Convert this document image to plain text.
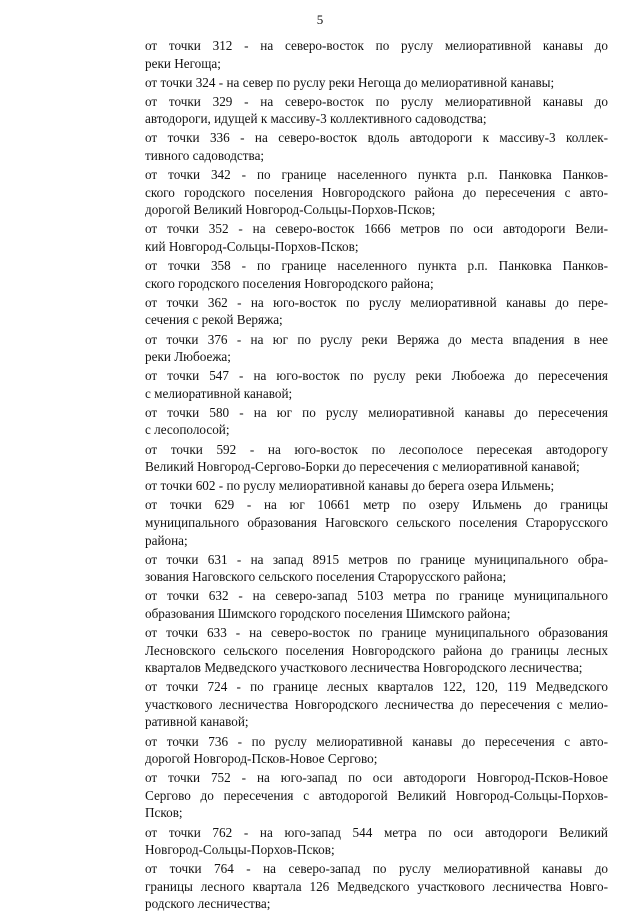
5

от точки 312 - на северо-восток по руслу мелиоративной канавы до
реки Негоща;

от точки 324 - на север по руслу реки Негоща до мелиоративной канавы;

от точки 329 - на северо-восток по руслу мелиоративной канавы до
автодороги, идущей к массиву-3 коллективного садоводства;

от точки 336 - на северо-восток вдоль автодороги к массиву-3 коллек-
тивного садоводства;

от точки 342 - по границе населенного пункта р.п. Панковка Панков-
ского городского поселения Новгородского района до пересечения с авто-
дорогой Великий Новгород-Сольцы-Порхов-Псков;

от точки 352 - на северо-восток 1666 метров по оси автодороги Вели-
кий Новгород-Сольцы-Порхов-Псков;

от точки 358 - по границе населенного пункта р.п. Панковка Панков-
ского городского поселения Новгородского района;

от точки 362 - на юго-восток по руслу мелиоративной канавы до пере-
сечения с рекой Веряжа;

от точки 376 - на юг по руслу реки Веряжа до места впадения в нее
реки Любоежа;

от точки 547 - на юго-восток по руслу реки Любоежа до пересечения
с мелиоративной канавой;

от точки 580 - на юг по руслу мелиоративной канавы до пересечения
с лесополосой;

от точки 592 - на юго-восток по лесополосе пересекая автодорогу
Великий Новгород-Сергово-Борки до пересечения с мелиоративной канавой;

от точки 602 - по руслу мелиоративной канавы до берега озера Ильмень;

от точки 629 - на юг 10661 метр по озеру Ильмень до границы
муниципального образования Наговского сельского поселения Старорусского
района;

от точки 631 - на запад 8915 метров по границе муниципального обра-
зования Наговского сельского поселения Старорусского района;

от точки 632 - на северо-запад 5103 метра по границе муниципального
образования Шимского городского поселения Шимского района;

от точки 633 - на северо-восток по границе муниципального образования
Лесновского сельского поселения Новгородского района до границы лесных
кварталов Медведского участкового лесничества Новгородского лесничества;

от точки 724 - по границе лесных кварталов 122, 120, 119 Медведского
участкового лесничества Новгородского лесничества до пересечения с мелио-
ративной канавой;

от точки 736 - по руслу мелиоративной канавы до пересечения с авто-
дорогой Новгород-Псков-Новое Сергово;

от точки 752 - на юго-запад по оси автодороги Новгород-Псков-Новое
Сергово до пересечения с автодорогой Великий Новгород-Сольцы-Порхов-
Псков;

от точки 762 - на юго-запад 544 метра по оси автодороги Великий
Новгород-Сольцы-Порхов-Псков;

от точки 764 - на северо-запад по руслу мелиоративной канавы до
границы лесного квартала 126 Медведского участкового лесничества Новго-
родского лесничества;
